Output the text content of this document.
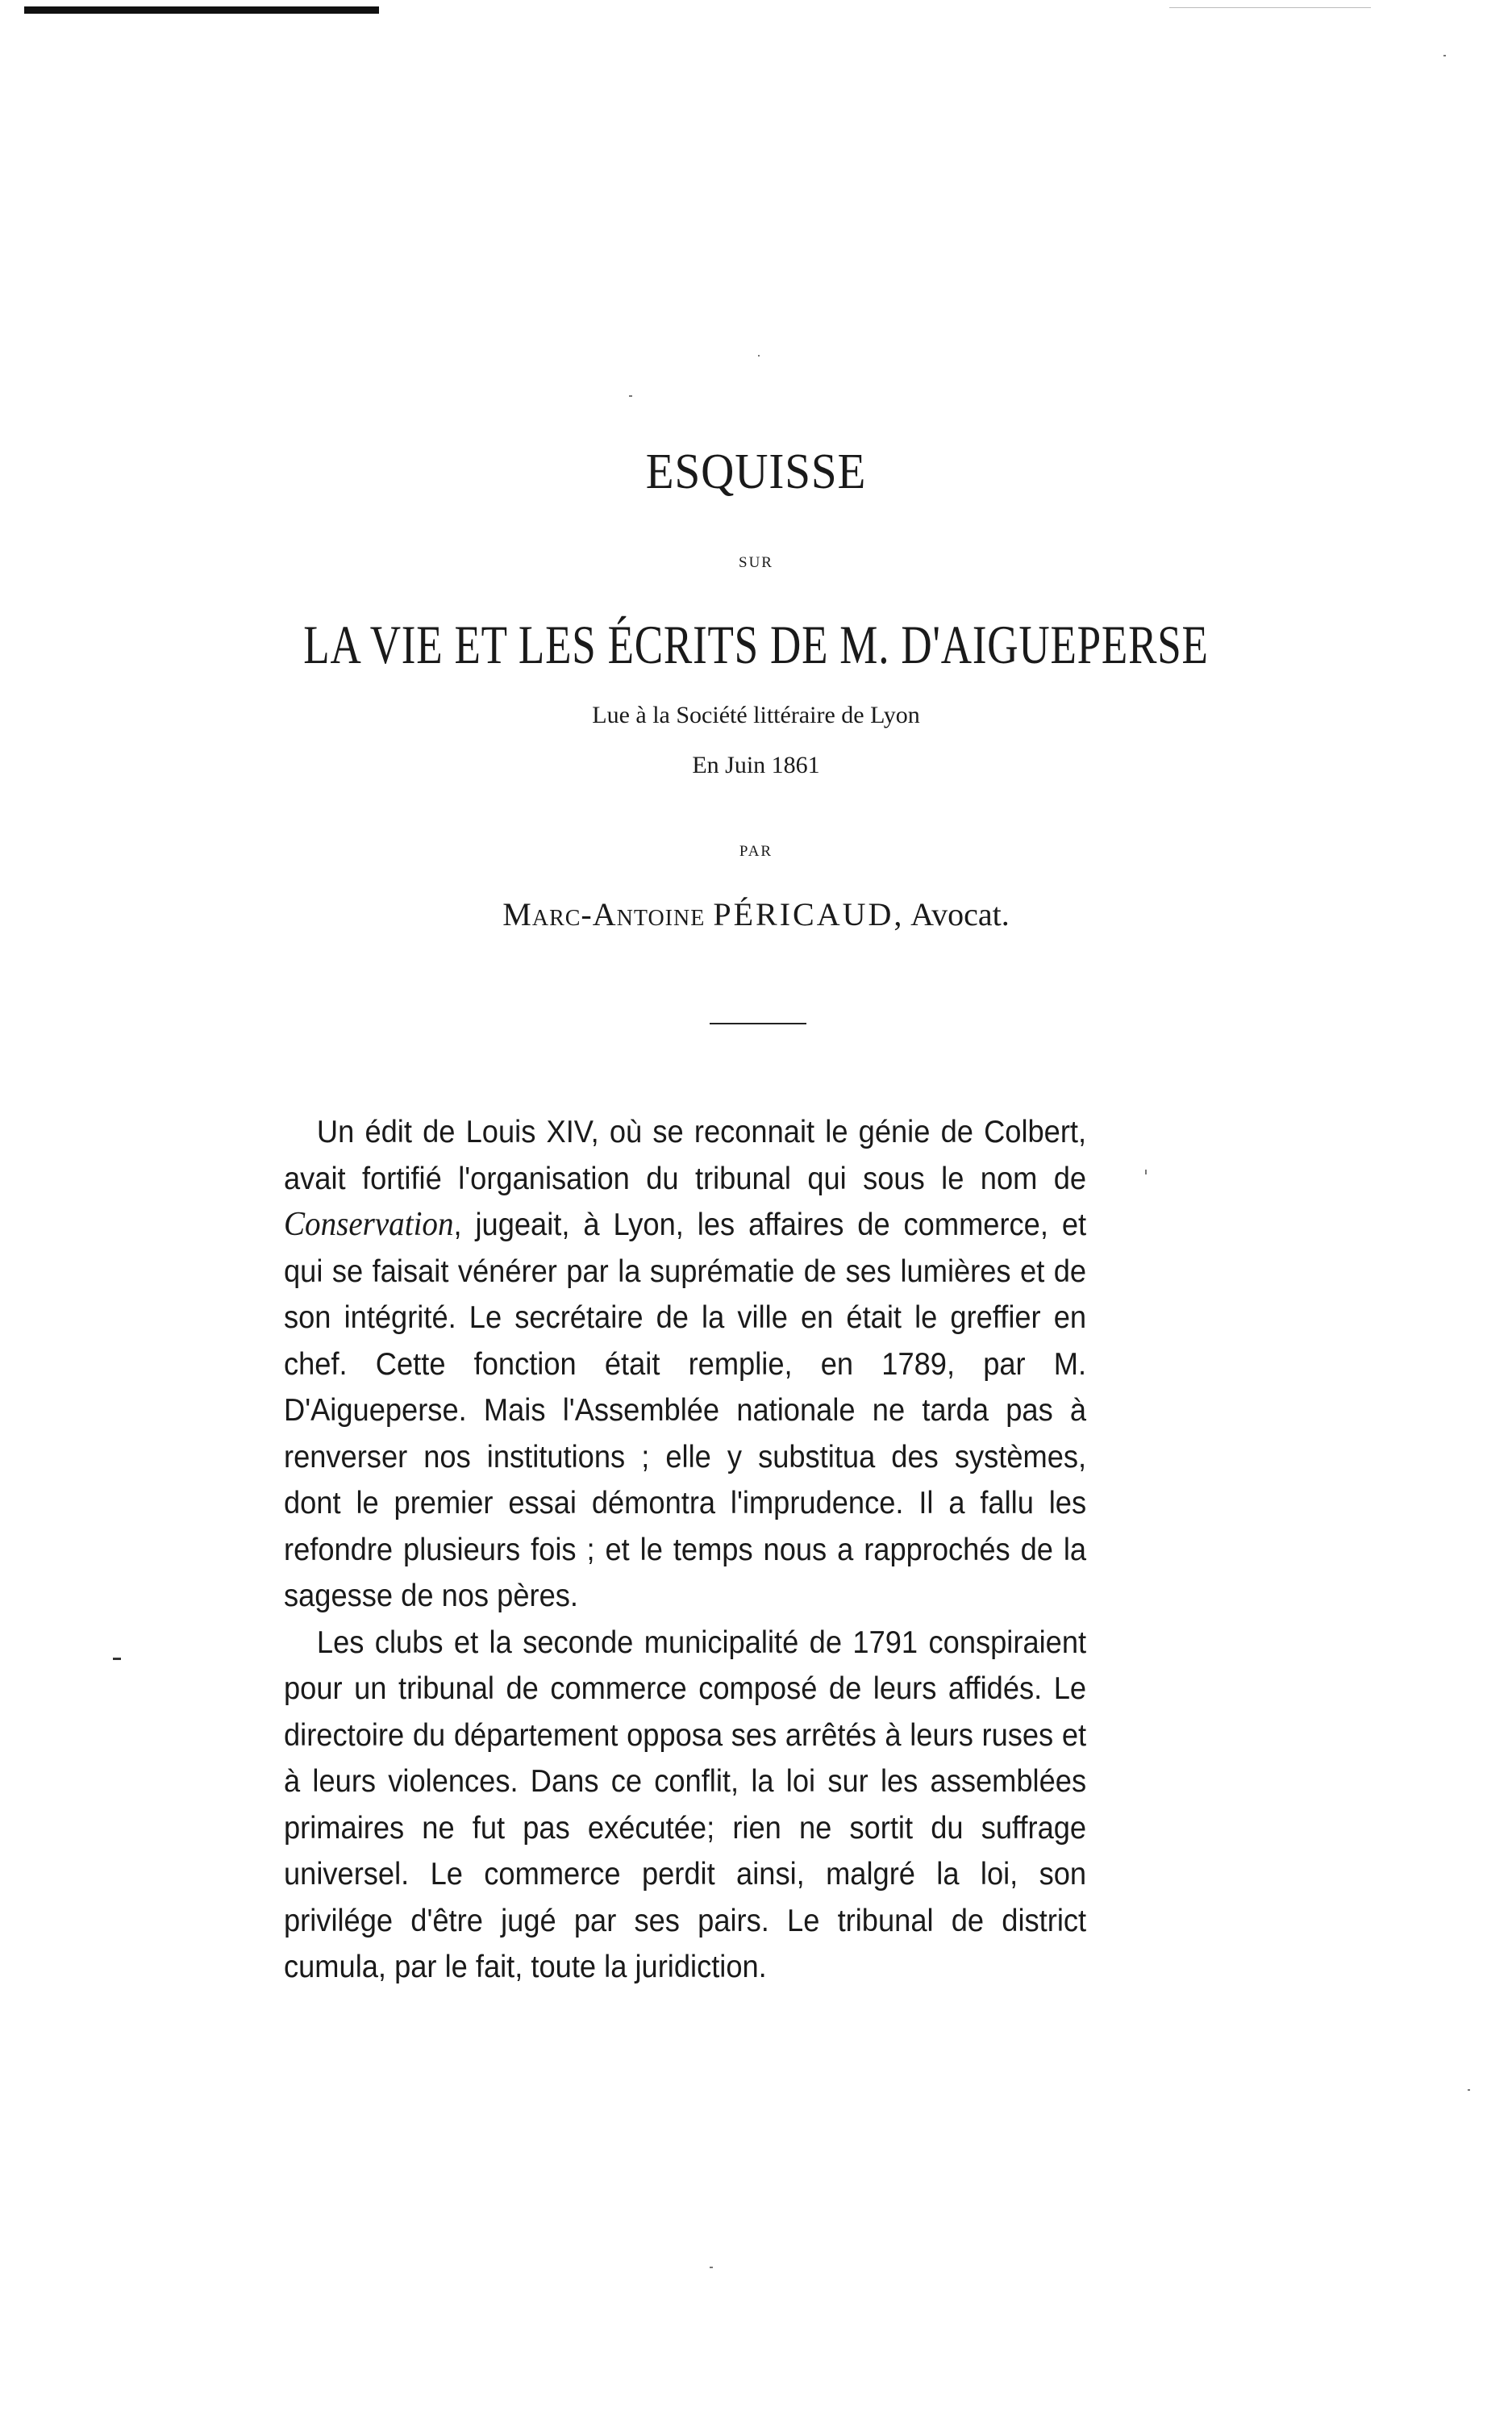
ESQUISSE
SUR
LA VIE ET LES ÉCRITS DE M. D'AIGUEPERSE
Lue à la Société littéraire de Lyon
En Juin 1861
PAR
Marc-Antoine PÉRICAUD, Avocat.

Un édit de Louis XIV, où se reconnait le génie de Colbert, avait fortifié l'organisation du tribunal qui sous le nom de Conservation, jugeait, à Lyon, les affaires de commerce, et qui se faisait vénérer par la suprématie de ses lumières et de son intégrité. Le secrétaire de la ville en était le greffier en chef. Cette fonction était remplie, en 1789, par M. D'Aigueperse. Mais l'Assemblée nationale ne tarda pas à renverser nos institutions ; elle y substitua des systèmes, dont le premier essai démontra l'imprudence. Il a fallu les refondre plusieurs fois ; et le temps nous a rapprochés de la sagesse de nos pères.

Les clubs et la seconde municipalité de 1791 conspiraient pour un tribunal de commerce composé de leurs affidés. Le directoire du département opposa ses arrêtés à leurs ruses et à leurs violences. Dans ce conflit, la loi sur les assemblées primaires ne fut pas exécutée; rien ne sortit du suffrage universel. Le commerce perdit ainsi, malgré la loi, son privilége d'être jugé par ses pairs. Le tribunal de district cumula, par le fait, toute la juridiction.
